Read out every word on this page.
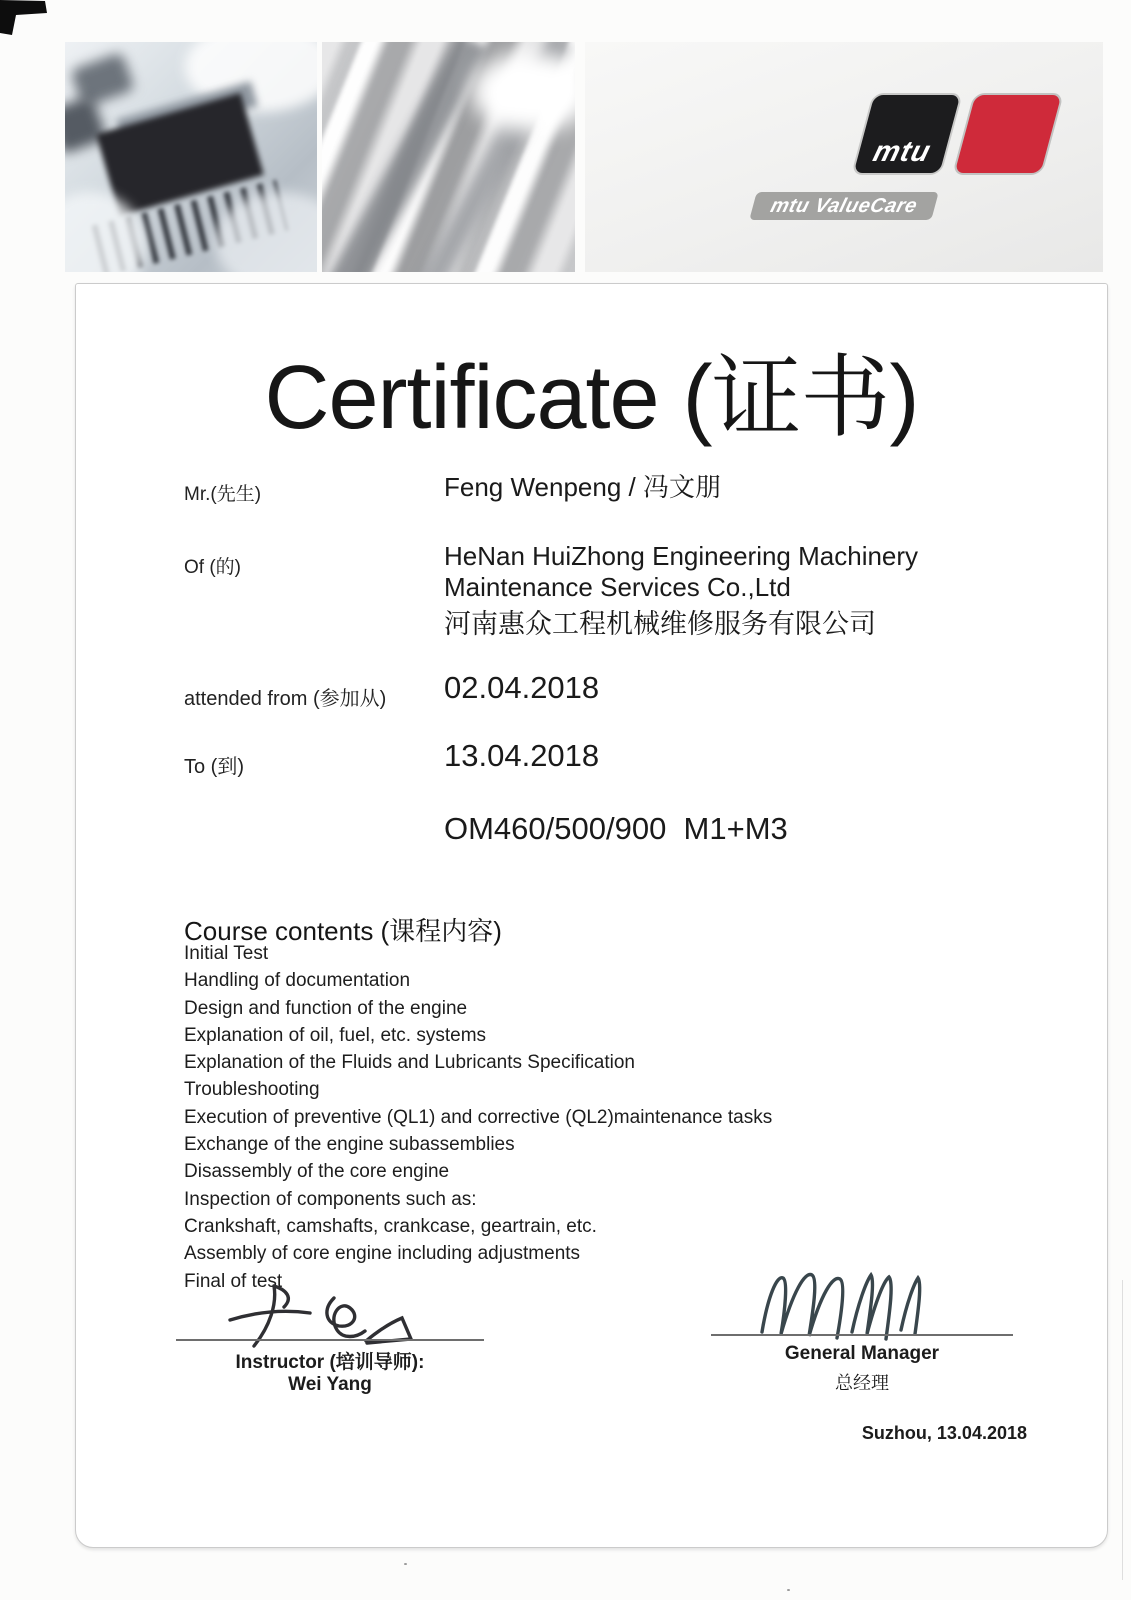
mtu
mtu ValueCare
Certificate (证书)
Mr.(先生)	Feng Wenpeng / 冯文朋
Of (的)	HeNan HuiZhong Engineering Machinery
Maintenance Services Co.,Ltd
河南惠众工程机械维修服务有限公司
attended from (参加从) 02.04.2018
To (到)	13.04.2018
OM460/500/900  M1+M3
Course contents (课程内容)
Initial Test
Handling of documentation
Design and function of the engine
Explanation of oil, fuel, etc. systems
Explanation of the Fluids and Lubricants Specification
Troubleshooting
Execution of preventive (QL1) and corrective (QL2)maintenance tasks
Exchange of the engine subassemblies
Disassembly of the core engine
Inspection of components such as:
Crankshaft, camshafts, crankcase, geartrain, etc.
Assembly of core engine including adjustments
Final of test
Instructor (培训导师):
Wei Yang
General Manager
总经理
Suzhou, 13.04.2018
